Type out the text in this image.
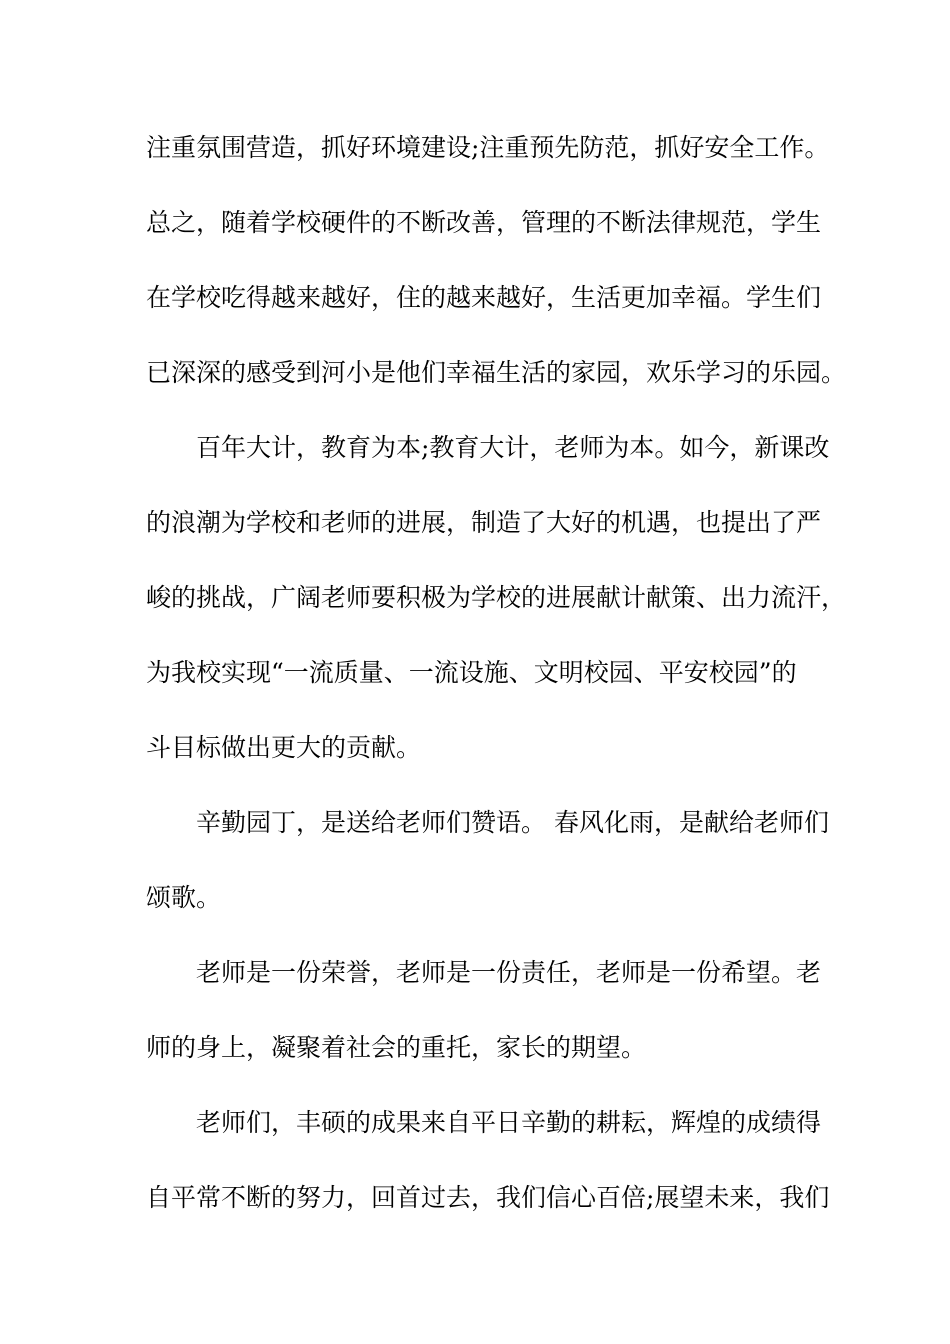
注重氛围营造，抓好环境建设;注重预先防范，抓好安全工作。
总之，随着学校硬件的不断改善，管理的不断法律规范，学生
在学校吃得越来越好，住的越来越好，生活更加幸福。学生们
已深深的感受到河小是他们幸福生活的家园，欢乐学习的乐园。
百年大计，教育为本;教育大计，老师为本。如今，新课改
的浪潮为学校和老师的进展，制造了大好的机遇，也提出了严
峻的挑战，广阔老师要积极为学校的进展献计献策、出力流汗，
为我校实现“一流质量、一流设施、文明校园、平安校园”的
斗目标做出更大的贡献。
辛勤园丁，是送给老师们赞语。 春风化雨，是献给老师们
颂歌。
老师是一份荣誉，老师是一份责任，老师是一份希望。老
师的身上，凝聚着社会的重托，家长的期望。
老师们，丰硕的成果来自平日辛勤的耕耘，辉煌的成绩得
自平常不断的努力，回首过去，我们信心百倍;展望未来，我们
